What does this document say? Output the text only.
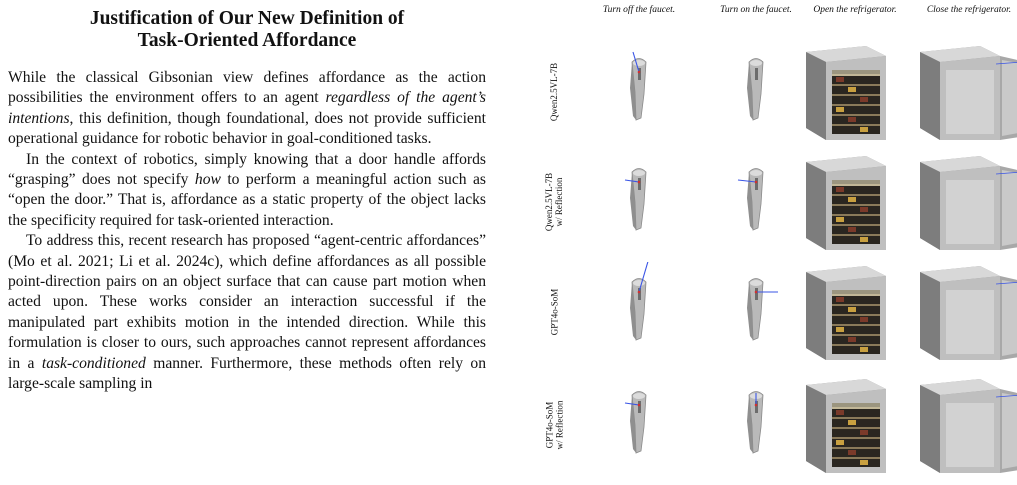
Justification of Our New Definition of
Task-Oriented Affordance

While the classical Gibsonian view defines affordance as the action possibilities the environment offers to an agent regardless of the agent’s intentions, this definition, though foundational, does not provide sufficient operational guidance for robotic behavior in goal-conditioned tasks.

In the context of robotics, simply knowing that a door handle affords “grasping” does not specify how to perform a meaningful action such as “open the door.” That is, affordance as a static property of the object lacks the specificity required for task-oriented interaction.

To address this, recent research has proposed “agent-centric affordances” (Mo et al. 2021; Li et al. 2024c), which define affordances as all possible point-direction pairs on an object surface that can cause part motion when acted upon. These works consider an interaction successful if the manipulated part exhibits motion in the intended direction. While this formulation is closer to ours, such approaches cannot represent affordances in a task-conditioned manner. Furthermore, these methods often rely on large-scale sampling in

Turn off the faucet.	Turn on the faucet.	Open the refrigerator.	Close the refrigerator.
Qwen2.5VL-7B
Qwen2.5VL-7B w/ Reflection
GPT4o-SoM
GPT4o-SoM w/ Reflection
